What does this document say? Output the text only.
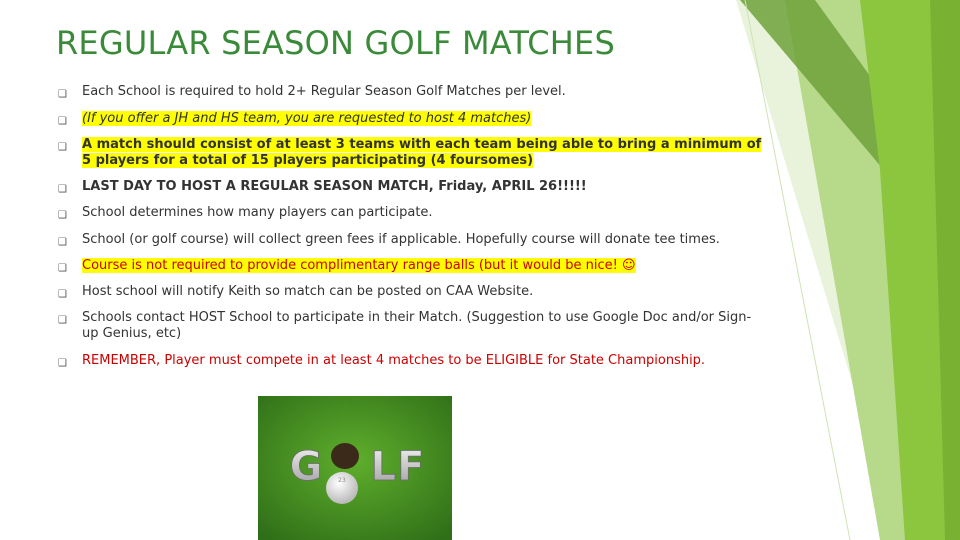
REGULAR SEASON GOLF MATCHES
❑ Each School is required to hold 2+ Regular Season Golf Matches per level.
❑ (If you offer a JH and HS team, you are requested to host 4 matches)
❑ A match should consist of at least 3 teams with each team being able to bring a minimum of 5 players for a total of 15 players participating (4 foursomes)
❑ LAST DAY TO HOST A REGULAR SEASON MATCH, Friday, APRIL 26!!!!!
❑ School determines how many players can participate.
❑ School (or golf course) will collect green fees if applicable. Hopefully course will donate tee times.
❑ Course is not required to provide complimentary range balls (but it would be nice! ☺
❑ Host school will notify Keith so match can be posted on CAA Website.
❑ Schools contact HOST School to participate in their Match. (Suggestion to use Google Doc and/or Sign-up Genius, etc)
❑ REMEMBER, Player must compete in at least 4 matches to be ELIGIBLE for State Championship.
23
G LF
